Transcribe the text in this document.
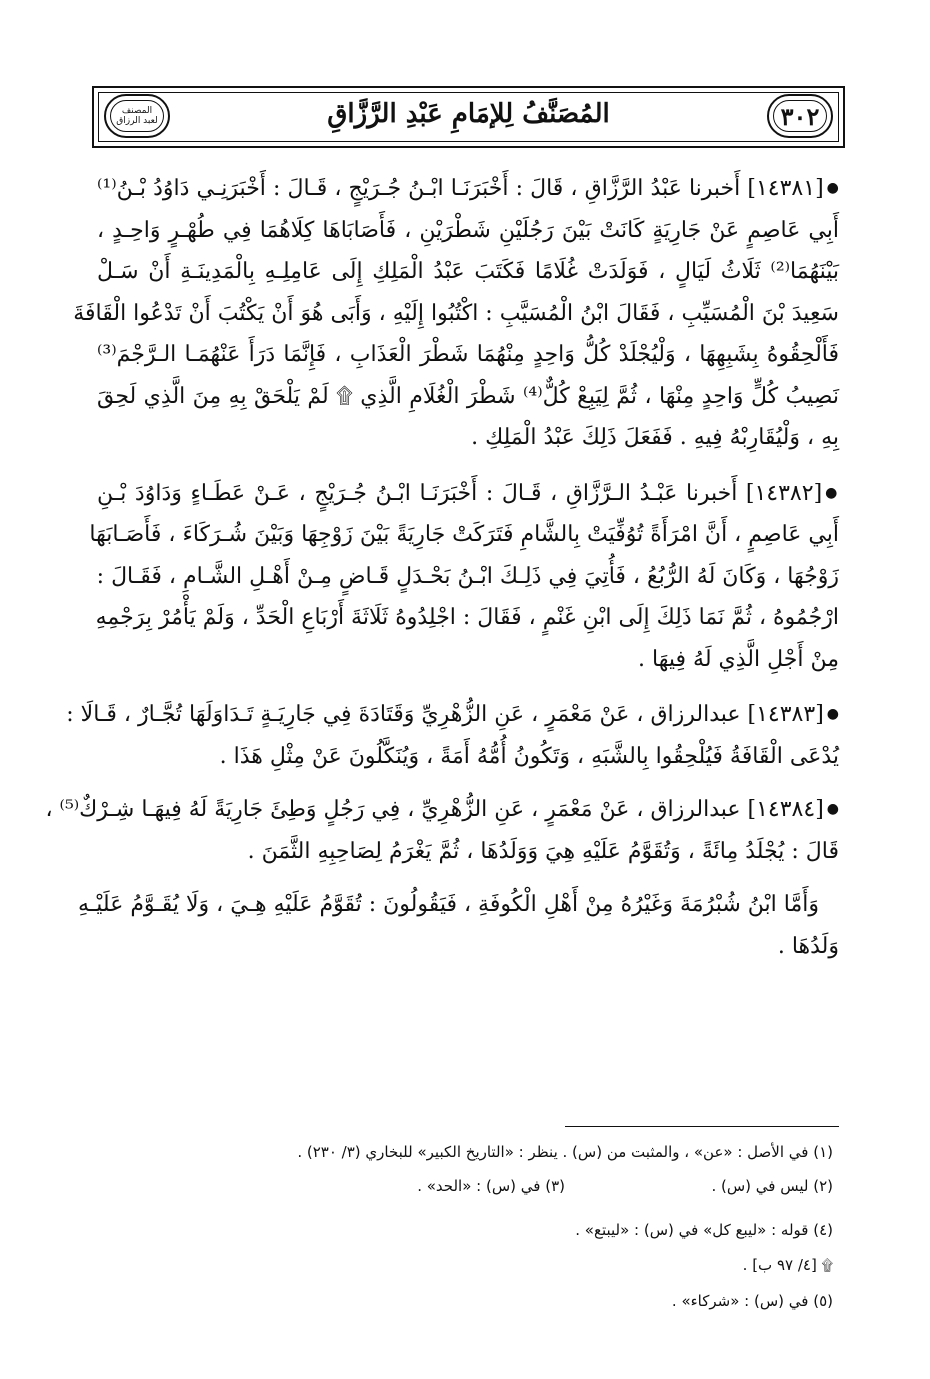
المصنف
لعبد الرزاق	المُصَنَّفُ لِلإمَامِ عَبْدِ الرَّزَّاقِ	٣٠٢
●[١٤٣٨١] أَخبرنا عَبْدُ الرَّزَّاقِ ، قَالَ : أَخْبَرَنَـا ابْـنُ جُـرَيْجٍ ، قَـالَ : أَخْبَرَنِـي دَاوُدُ بْـنُ⁽¹⁾
أَبِي عَاصِمٍ عَنْ جَارِيَةٍ كَانَتْ بَيْنَ رَجُلَيْنِ شَطْرَيْنِ ، فَأَصَابَاهَا كِلَاهُمَا فِي طُهْـرٍ وَاحِـدٍ ،
بَيْنَهُمَا⁽²⁾ ثَلَاثُ لَيَالٍ ، فَوَلَدَتْ غُلَامًا فَكَتَبَ عَبْدُ الْمَلِكِ إِلَى عَامِلِـهِ بِالْمَدِينَـةِ أَنْ سَـلْ
سَعِيدَ بْنَ الْمُسَيِّبِ ، فَقَالَ ابْنُ الْمُسَيَّبِ : اكْتُبُوا إِلَيْهِ ، وَأَبَى هُوَ أَنْ يَكْتُبَ أَنْ تَدْعُوا الْقَافَةَ
فَأَلْحِقُوهُ بِشَبِهِهَا ، وَلْيُجْلَدْ كُلُّ وَاحِدٍ مِنْهُمَا شَطْرَ الْعَذَابِ ، فَإِنَّمَا دَرَأَ عَنْهُمَـا الـرَّجْمَ⁽³⁾
نَصِيبُ كُلٍّ وَاحِدٍ مِنْهَا ، ثُمَّ لِيَبِعْ كُلٌّ⁽⁴⁾ شَطْرَ الْغُلَامِ الَّذِي ۩ لَمْ يَلْحَقْ بِهِ مِنَ الَّذِي لَحِقَ
بِهِ ، وَلْيُقَارِبْهُ فِيهِ . فَفَعَلَ ذَلِكَ عَبْدُ الْمَلِكِ .
●[١٤٣٨٢] أَخبرنا عَبْـدُ الـرَّزَّاقِ ، قَـالَ : أَخْبَرَنَـا ابْـنُ جُـرَيْجٍ ، عَـنْ عَطَـاءٍ وَدَاوُدَ بْـنِ
أَبِي عَاصِمٍ ، أَنَّ امْرَأَةً تُوُفِّيَتْ بِالشَّامِ فَتَرَكَتْ جَارِيَةً بَيْنَ زَوْجِهَا وَبَيْنَ شُـرَكَاءَ ، فَأَصَـابَهَا
زَوْجُهَا ، وَكَانَ لَهُ الرُّبُعُ ، فَأُتِيَ فِي ذَلِـكَ ابْـنُ بَحْـدَلٍ قَـاضٍ مِـنْ أَهْـلِ الشَّـامِ ، فَقَـالَ :
ارْجُمُوهُ ، ثُمَّ نَمَا ذَلِكَ إِلَى ابْنِ غَنْمٍ ، فَقَالَ : اجْلِدُوهُ ثَلَاثَةَ أَرْبَاعِ الْحَدِّ ، وَلَمْ يَأْمُرْ بِرَجْمِهِ
مِنْ أَجْلِ الَّذِي لَهُ فِيهَا .
●[١٤٣٨٣] عبدالرزاق ، عَنْ مَعْمَرٍ ، عَنِ الزُّهْرِيِّ وَقَتَادَةَ فِي جَارِيَـةٍ تَـدَاوَلَهَا تُجَّـارٌ ، قَـالَا :
يُدْعَى الْقَافَةُ فَيُلْحِقُوا بِالشَّبَهِ ، وَتَكُونُ أُمُّهُ أَمَةً ، وَيُنَكَّلُونَ عَنْ مِثْلِ هَذَا .
●[١٤٣٨٤] عبدالرزاق ، عَنْ مَعْمَرٍ ، عَنِ الزُّهْرِيِّ ، فِي رَجُلٍ وَطِئَ جَارِيَةً لَهُ فِيهَـا شِـرْكٌ⁽⁵⁾ ،
قَالَ : يُجْلَدُ مِائَةً ، وَتُقَوَّمُ عَلَيْهِ هِيَ وَوَلَدُهَا ، ثُمَّ يَغْرَمُ لِصَاحِبِهِ الثَّمَنَ .
وَأَمَّا ابْنُ شُبْرُمَةَ وَغَيْرُهُ مِنْ أَهْلِ الْكُوفَةِ ، فَيَقُولُونَ : تُقَوَّمُ عَلَيْهِ هِـيَ ، وَلَا يُقَـوَّمُ عَلَيْـهِ
وَلَدُهَا .
(١) في الأصل : «عن» ، والمثبت من (س) . ينظر : «التاريخ الكبير» للبخاري (٣/ ٢٣٠) .
(٢) ليس في (س) .
(٣) في (س) : «الحد» .
(٤) قوله : «ليبع كل» في (س) : «ليبتع» .
۩ [٤/ ٩٧ ب] .
(٥) في (س) : «شركاء» .
